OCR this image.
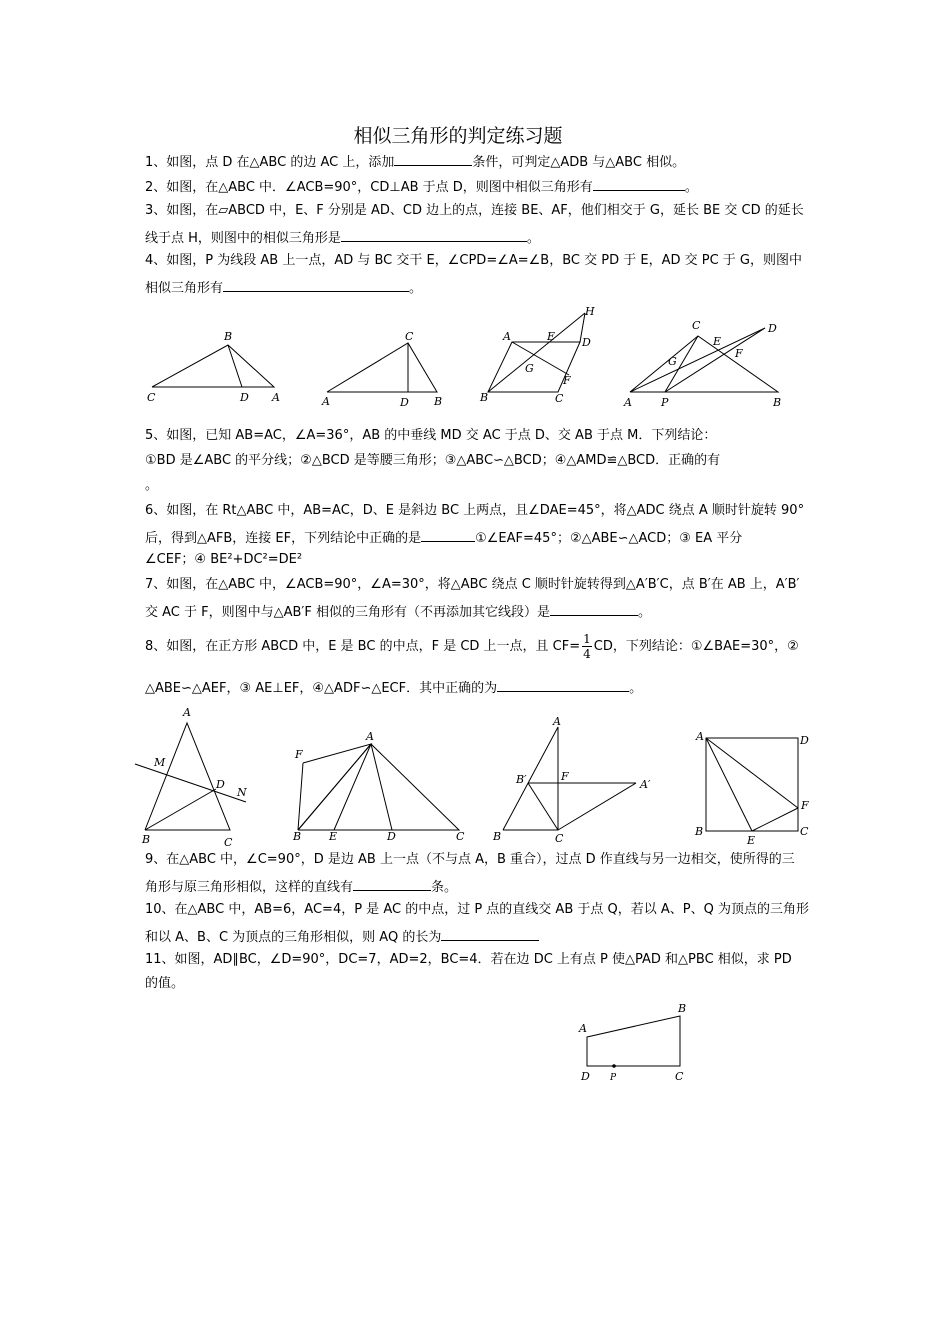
相似三角形的判定练习题
1、如图，点 D 在△ABC 的边 AC 上，添加	条件，可判定△ADB 与△ABC 相似。
2、如图，在△ABC 中．∠ACB=90°，CD⊥AB 于点 D，则图中相似三角形有	。
3、如图，在▱ABCD 中，E、F 分别是 AD、CD 边上的点，连接 BE、AF，他们相交于 G，延长 BE 交 CD 的延长
线于点 H，则图中的相似三角形是	。
4、如图，P 为线段 AB 上一点，AD 与 BC 交干 E，∠CPD=∠A=∠B，BC 交 PD 于 E，AD 交 PC 于 G，则图中
相似三角形有	。
B
C	D A
C
A	D B
H
A	E D
G
F
B	C
C	D
E
F
G
A	P	B
5、如图，已知 AB=AC，∠A=36°，AB 的中垂线 MD 交 AC 于点 D、交 AB 于点 M．下列结论：
①BD 是∠ABC 的平分线；②△BCD 是等腰三角形；③△ABC∽△BCD；④△AMD≌△BCD．正确的有
。
6、如图，在 Rt△ABC 中，AB=AC，D、E 是斜边 BC 上两点，且∠DAE=45°，将△ADC 绕点 A 顺时针旋转 90°
后，得到△AFB，连接 EF，下列结论中正确的是	①∠EAF=45°；②△ABE∽△ACD；③ EA 平分
∠CEF；④ BE²+DC²=DE²
7、如图，在△ABC 中，∠ACB=90°，∠A=30°，将△ABC 绕点 C 顺时针旋转得到△A′B′C，点 B′在 AB 上，A′B′
交 AC 于 F，则图中与△AB′F 相似的三角形有（不再添加其它线段）是	。
8、如图，在正方形 ABCD 中，E 是 BC 的中点，F 是 CD 上一点，且 $CF= \frac{1}{4}$ CD，下列结论：①∠BAE=30°，②
△ABE∽△AEF，③ AE⊥EF，④△ADF∽△ECF．其中正确的为	。
A
M
D
N
B	C
A
F
B	E	D	C
A
B′	F
A′
B	C
A	D
F
B
E
C
9、在△ABC 中，∠C=90°，D 是边 AB 上一点（不与点 A，B 重合），过点 D 作直线与另一边相交，使所得的三
角形与原三角形相似，这样的直线有	条。
10、在△ABC 中，AB=6，AC=4，P 是 AC 的中点，过 P 点的直线交 AB 于点 Q，若以 A、P、Q 为顶点的三角形
和以 A、B、C 为顶点的三角形相似，则 AQ 的长为
11、如图，AD∥BC，∠D=90°，DC=7，AD=2，BC=4．若在边 DC 上有点 P 使△PAD 和△PBC 相似，求 PD
的值。
B
A
D P	C
